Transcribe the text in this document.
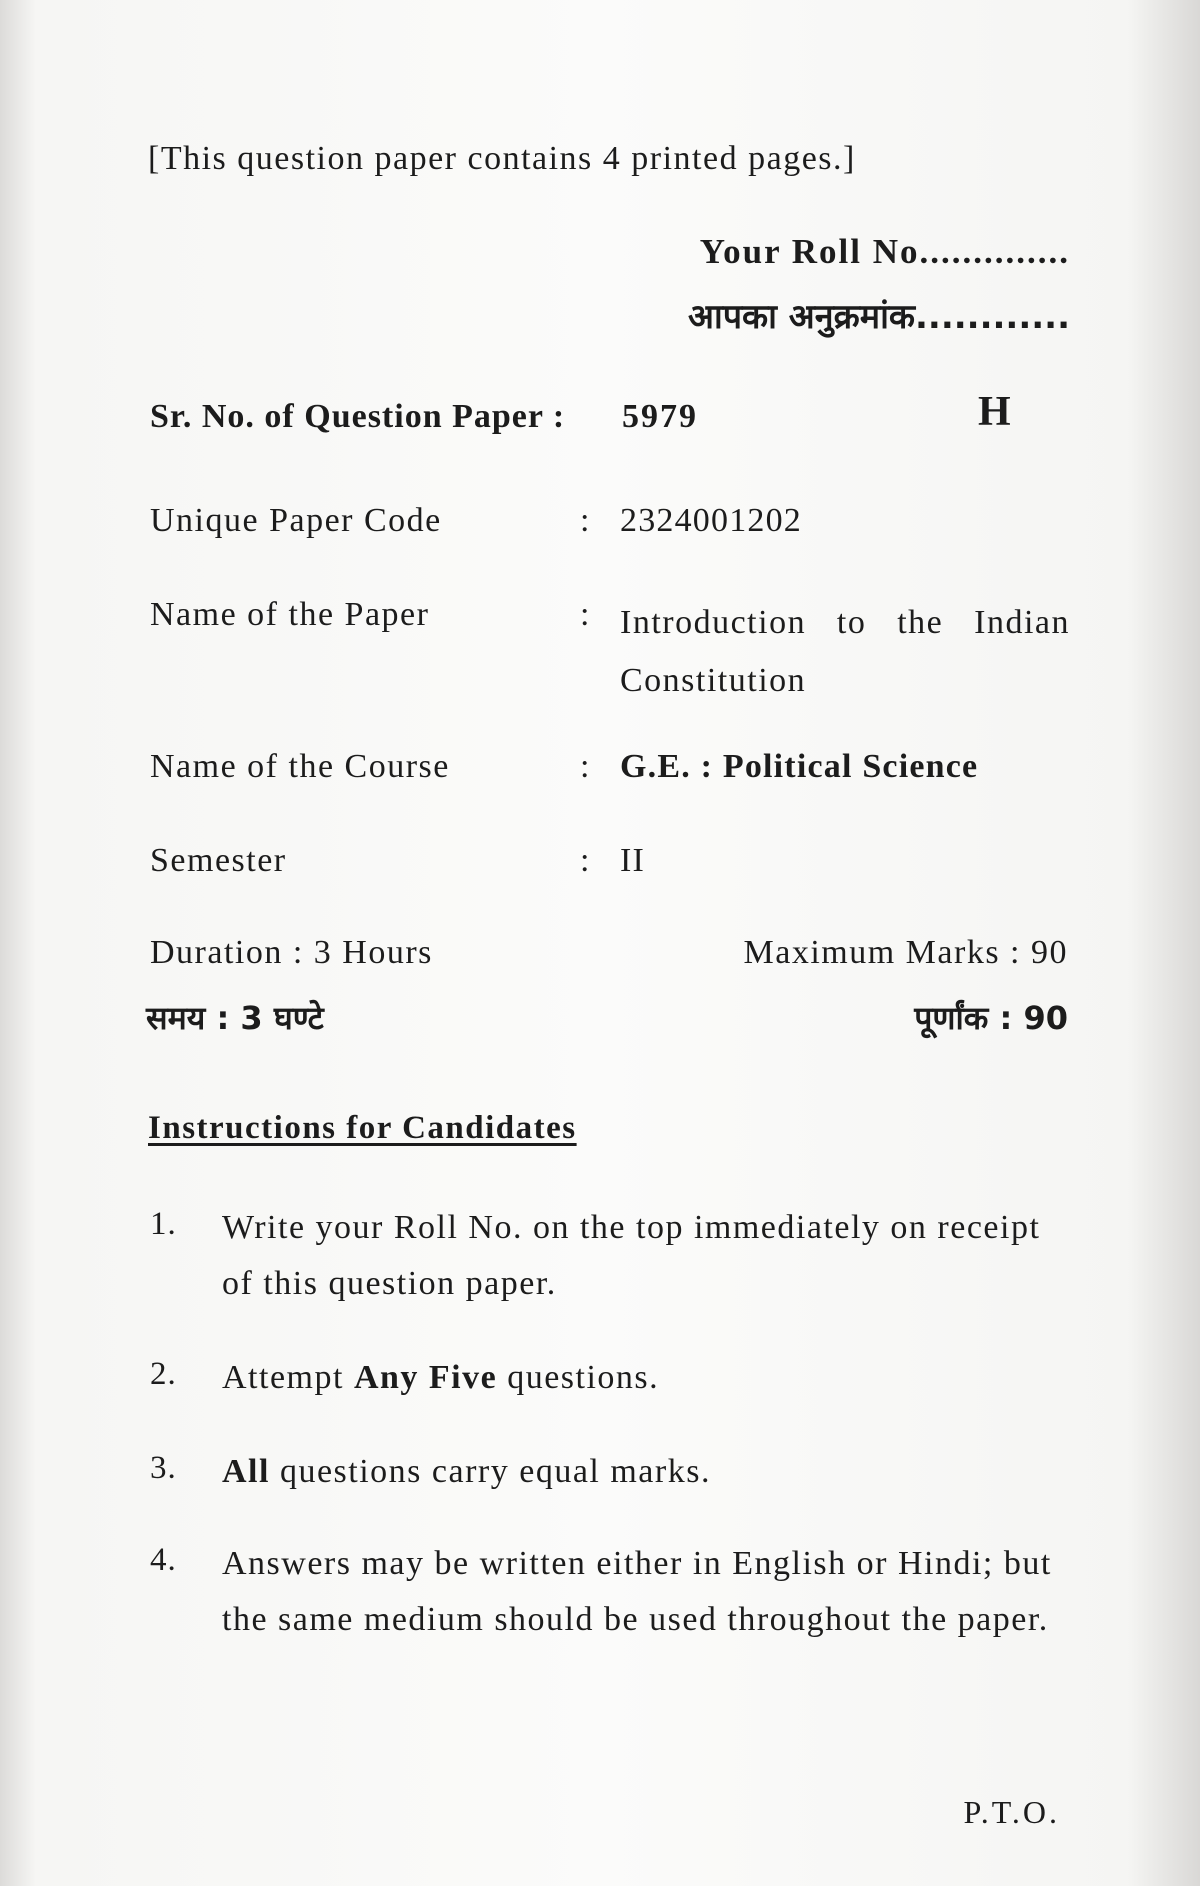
[This question paper contains 4 printed pages.]
Your Roll No..............
आपका अनुक्रमांक............
Sr. No. of Question Paper : 5979	H
Unique Paper Code	: 2324001202
Name of the Paper	: Introduction to the Indian Constitution
Name of the Course	: G.E. : Political Science
Semester	: II
Duration : 3 Hours	Maximum Marks : 90
समय : 3 घण्टे	पूर्णांक : 90
Instructions for Candidates
1. Write your Roll No. on the top immediately on receipt of this question paper.
2. Attempt Any Five questions.
3. All questions carry equal marks.
4. Answers may be written either in English or Hindi; but the same medium should be used throughout the paper.
P.T.O.
